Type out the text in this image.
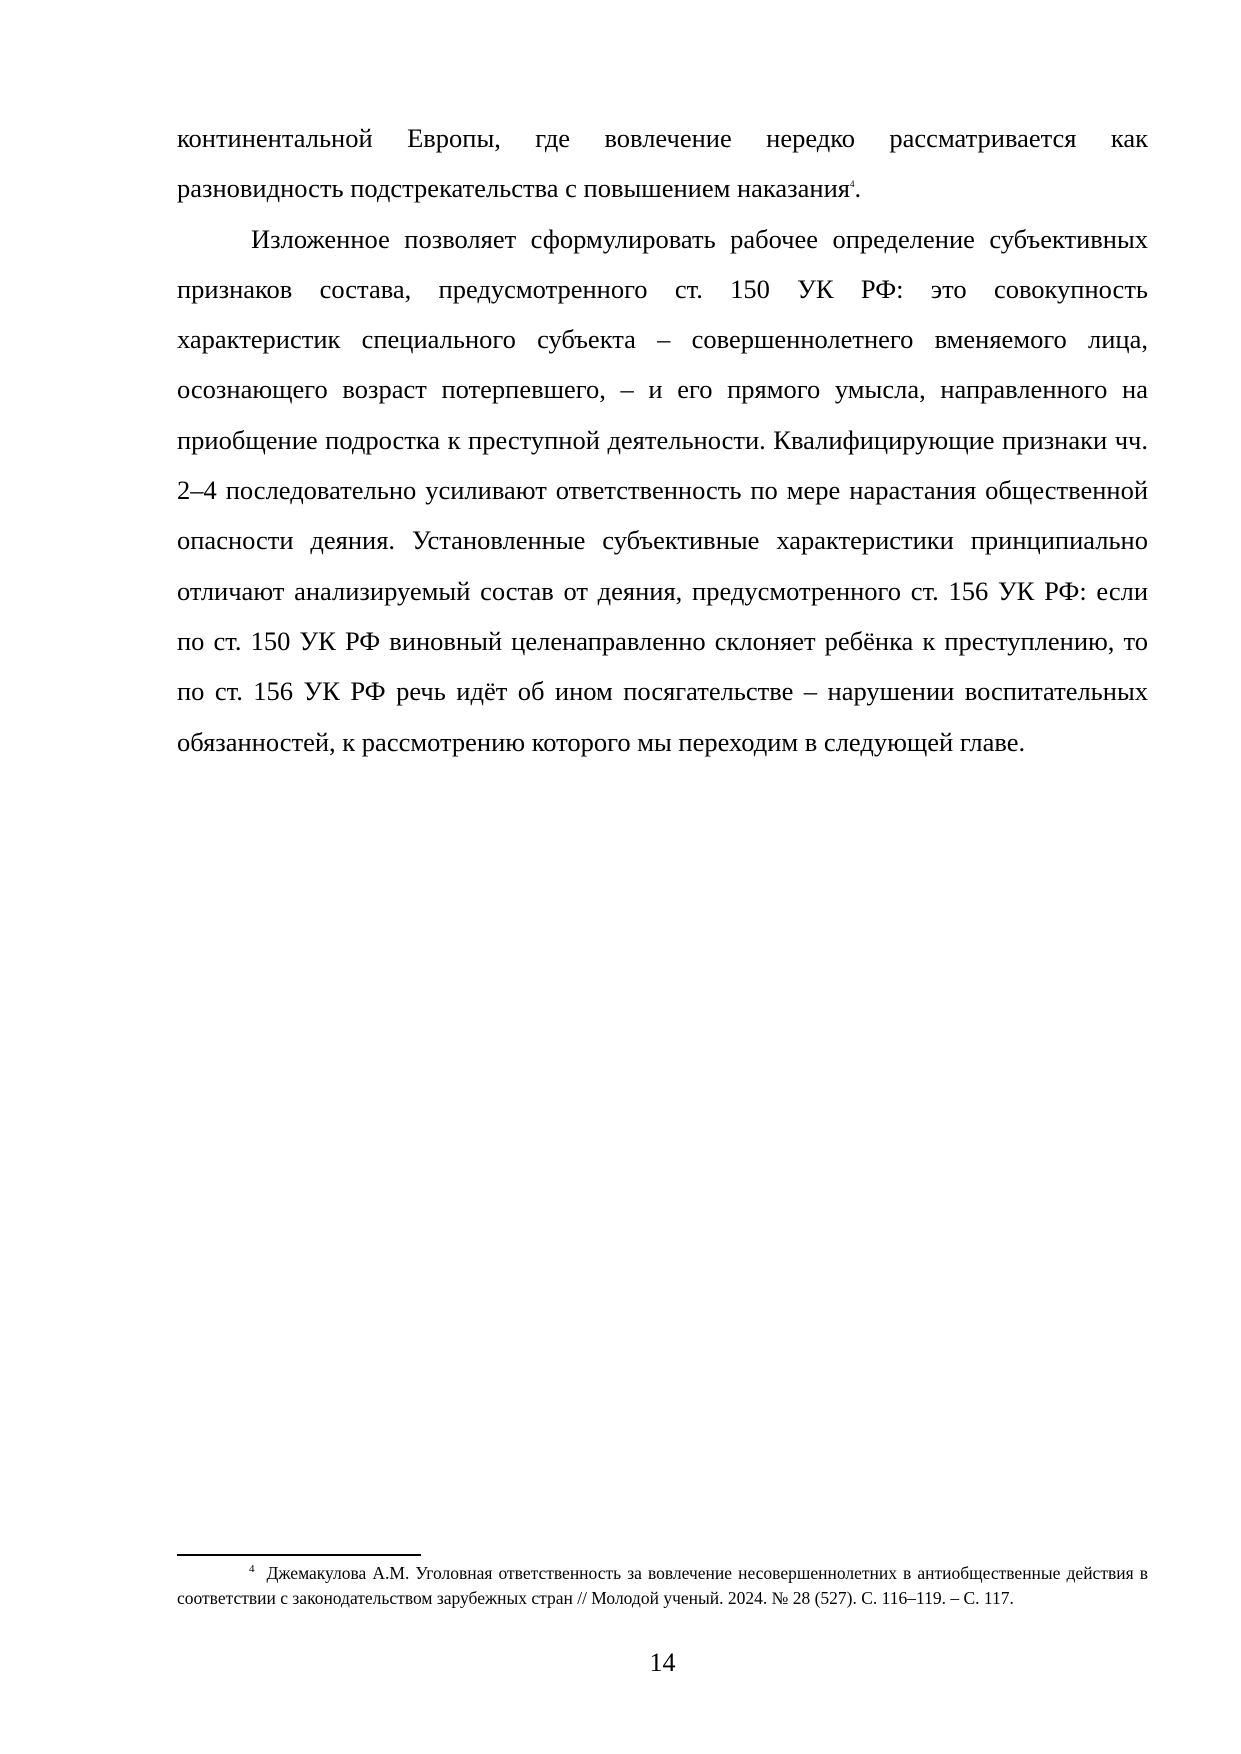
континентальной Европы, где вовлечение нередко рассматривается как разновидность подстрекательства с повышением наказания$^4$.

Изложенное позволяет сформулировать рабочее определение субъективных признаков состава, предусмотренного ст. 150 УК РФ: это совокупность характеристик специального субъекта – совершеннолетнего вменяемого лица, осознающего возраст потерпевшего, – и его прямого умысла, направленного на приобщение подростка к преступной деятельности. Квалифицирующие признаки чч. 2–4 последовательно усиливают ответственность по мере нарастания общественной опасности деяния. Установленные субъективные характеристики принципиально отличают анализируемый состав от деяния, предусмотренного ст. 156 УК РФ: если по ст. 150 УК РФ виновный целенаправленно склоняет ребёнка к преступлению, то по ст. 156 УК РФ речь идёт об ином посягательстве – нарушении воспитательных обязанностей, к рассмотрению которого мы переходим в следующей главе.

$^4$ Джемакулова А.М. Уголовная ответственность за вовлечение несовершеннолетних в антиобщественные действия в соответствии с законодательством зарубежных стран // Молодой ученый. 2024. № 28 (527). С. 116–119. – С. 117.

14
